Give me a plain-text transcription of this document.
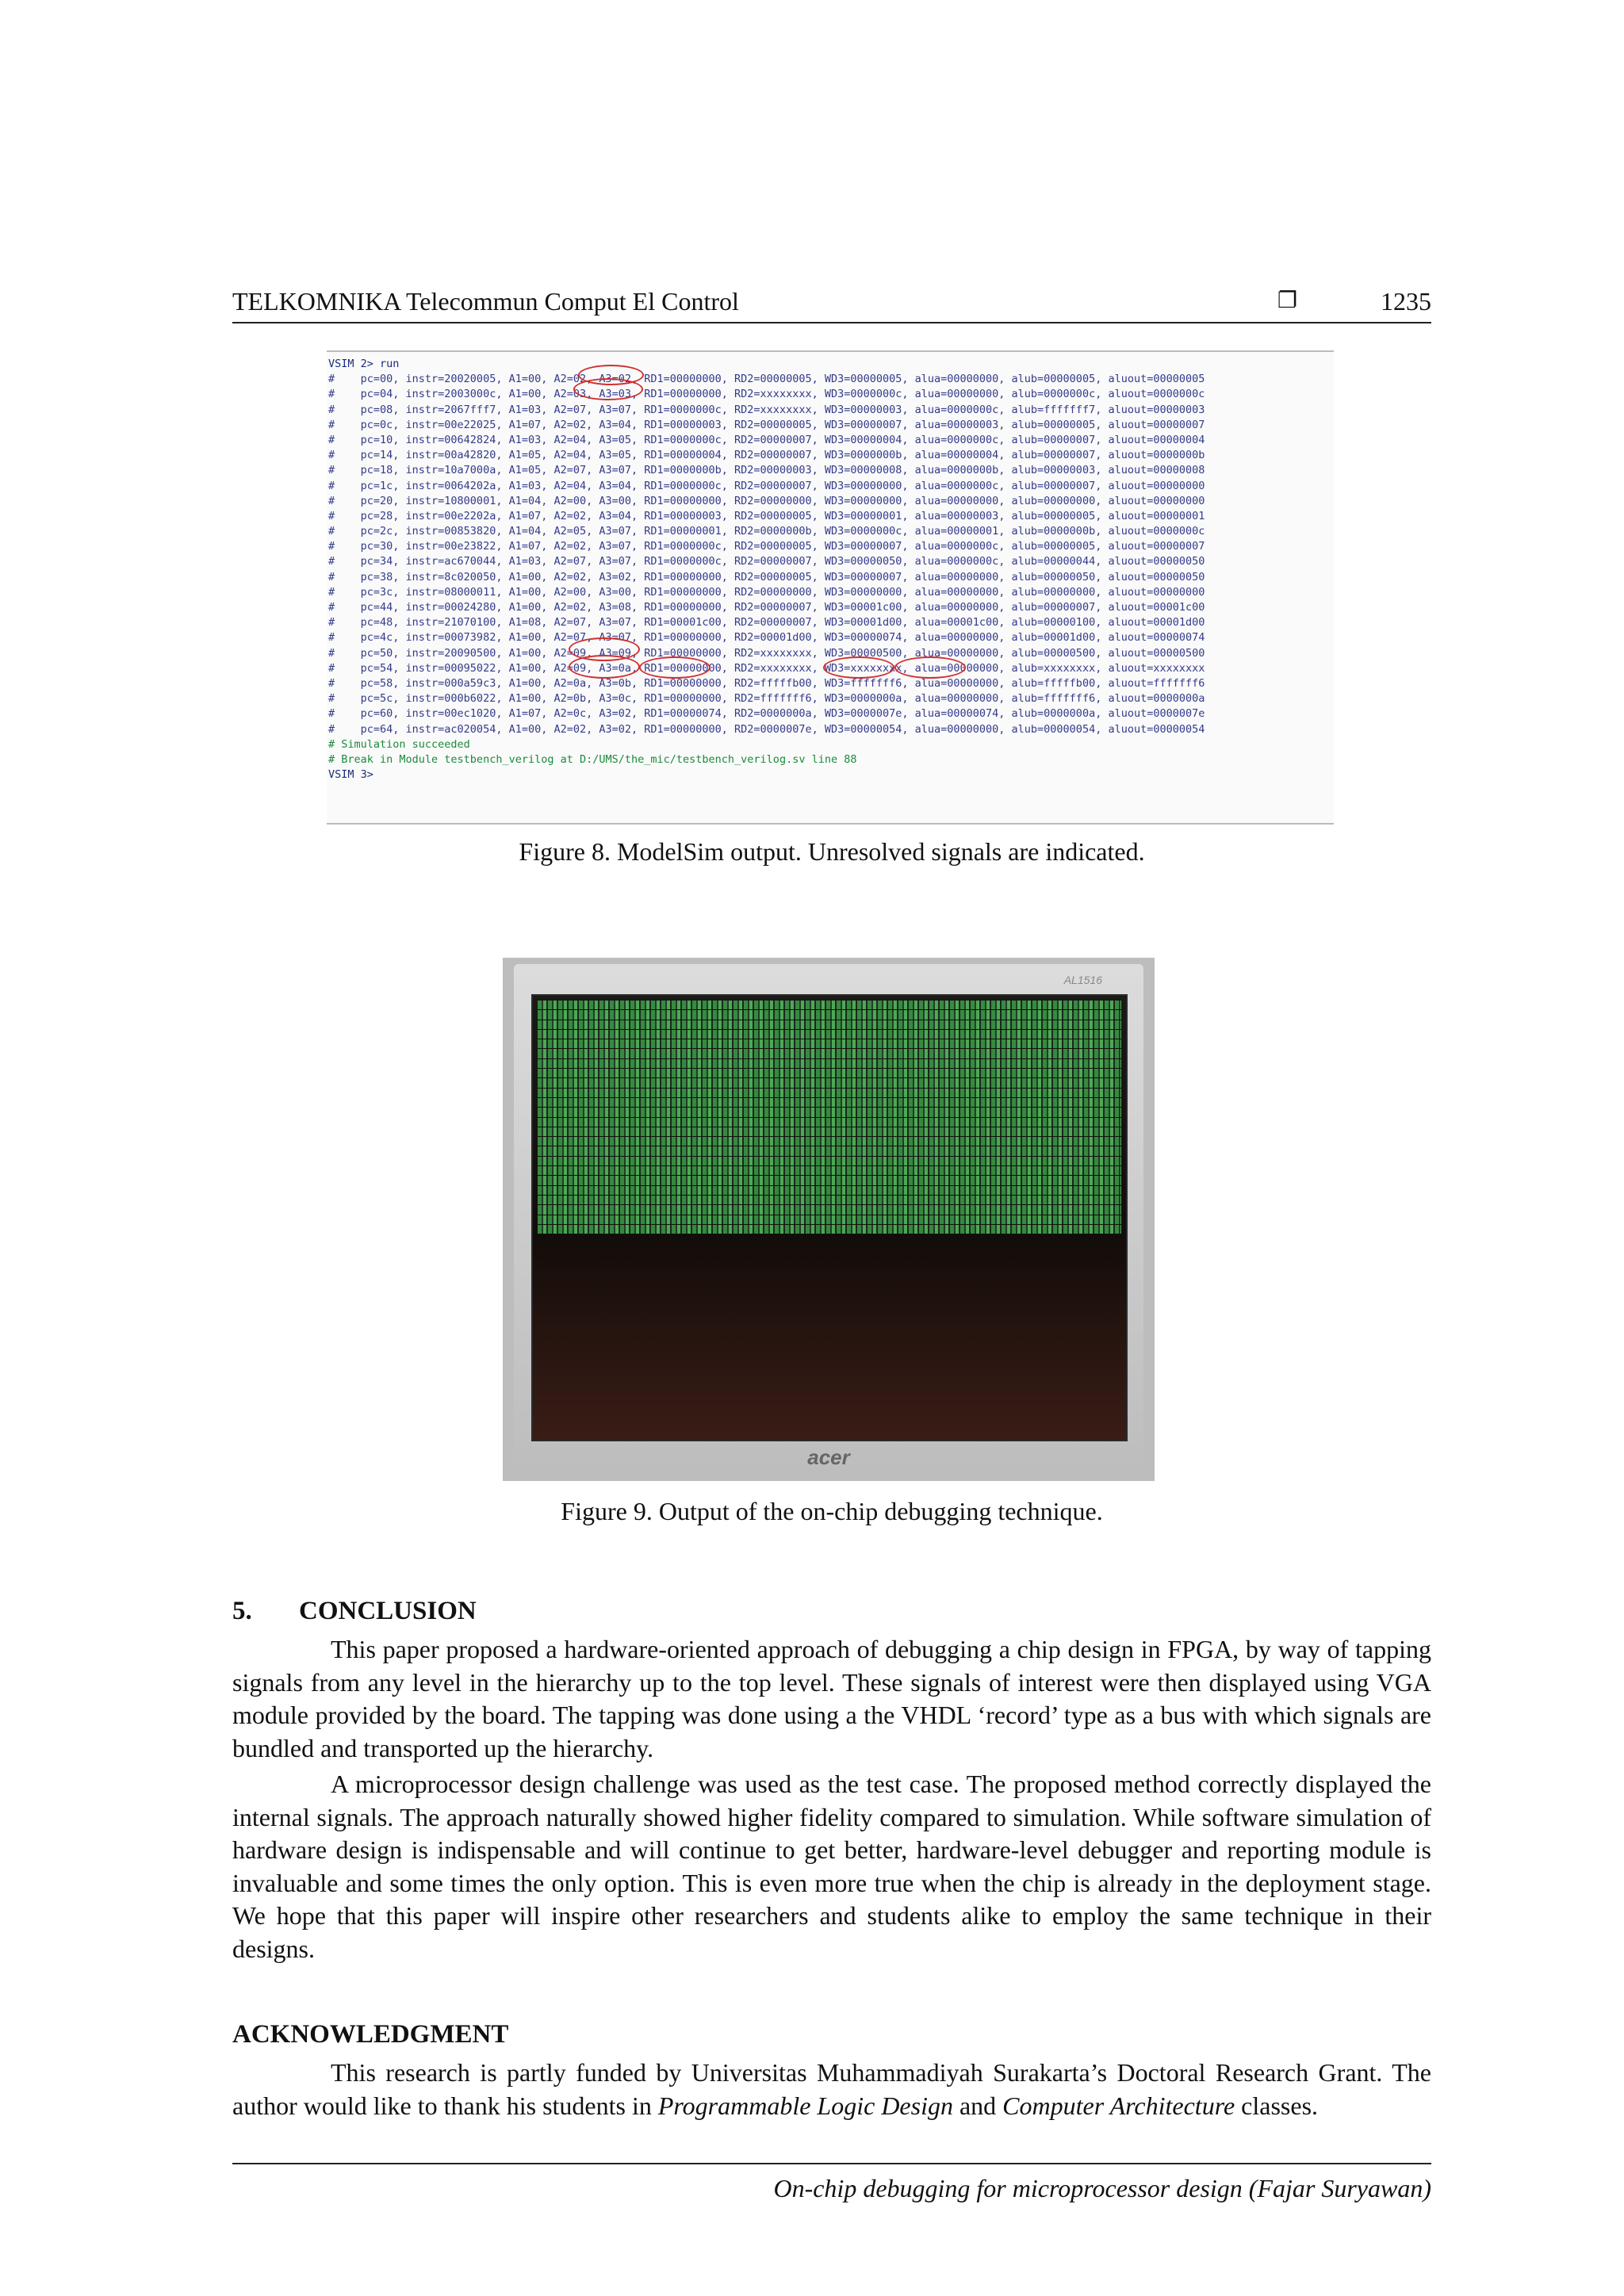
TELKOMNIKA Telecommun Comput El Control	❐	1235
VSIM 2> run
#    pc=00, instr=20020005, A1=00, A2=02, A3=02, RD1=00000000, RD2=00000005, WD3=00000005, alua=00000000, alub=00000005, aluout=00000005
#    pc=04, instr=2003000c, A1=00, A2=03, A3=03, RD1=00000000, RD2=xxxxxxxx, WD3=0000000c, alua=00000000, alub=0000000c, aluout=0000000c
#    pc=08, instr=2067fff7, A1=03, A2=07, A3=07, RD1=0000000c, RD2=xxxxxxxx, WD3=00000003, alua=0000000c, alub=fffffff7, aluout=00000003
#    pc=0c, instr=00e22025, A1=07, A2=02, A3=04, RD1=00000003, RD2=00000005, WD3=00000007, alua=00000003, alub=00000005, aluout=00000007
#    pc=10, instr=00642824, A1=03, A2=04, A3=05, RD1=0000000c, RD2=00000007, WD3=00000004, alua=0000000c, alub=00000007, aluout=00000004
#    pc=14, instr=00a42820, A1=05, A2=04, A3=05, RD1=00000004, RD2=00000007, WD3=0000000b, alua=00000004, alub=00000007, aluout=0000000b
#    pc=18, instr=10a7000a, A1=05, A2=07, A3=07, RD1=0000000b, RD2=00000003, WD3=00000008, alua=0000000b, alub=00000003, aluout=00000008
#    pc=1c, instr=0064202a, A1=03, A2=04, A3=04, RD1=0000000c, RD2=00000007, WD3=00000000, alua=0000000c, alub=00000007, aluout=00000000
#    pc=20, instr=10800001, A1=04, A2=00, A3=00, RD1=00000000, RD2=00000000, WD3=00000000, alua=00000000, alub=00000000, aluout=00000000
#    pc=28, instr=00e2202a, A1=07, A2=02, A3=04, RD1=00000003, RD2=00000005, WD3=00000001, alua=00000003, alub=00000005, aluout=00000001
#    pc=2c, instr=00853820, A1=04, A2=05, A3=07, RD1=00000001, RD2=0000000b, WD3=0000000c, alua=00000001, alub=0000000b, aluout=0000000c
#    pc=30, instr=00e23822, A1=07, A2=02, A3=07, RD1=0000000c, RD2=00000005, WD3=00000007, alua=0000000c, alub=00000005, aluout=00000007
#    pc=34, instr=ac670044, A1=03, A2=07, A3=07, RD1=0000000c, RD2=00000007, WD3=00000050, alua=0000000c, alub=00000044, aluout=00000050
#    pc=38, instr=8c020050, A1=00, A2=02, A3=02, RD1=00000000, RD2=00000005, WD3=00000007, alua=00000000, alub=00000050, aluout=00000050
#    pc=3c, instr=08000011, A1=00, A2=00, A3=00, RD1=00000000, RD2=00000000, WD3=00000000, alua=00000000, alub=00000000, aluout=00000000
#    pc=44, instr=00024280, A1=00, A2=02, A3=08, RD1=00000000, RD2=00000007, WD3=00001c00, alua=00000000, alub=00000007, aluout=00001c00
#    pc=48, instr=21070100, A1=08, A2=07, A3=07, RD1=00001c00, RD2=00000007, WD3=00001d00, alua=00001c00, alub=00000100, aluout=00001d00
#    pc=4c, instr=00073982, A1=00, A2=07, A3=07, RD1=00000000, RD2=00001d00, WD3=00000074, alua=00000000, alub=00001d00, aluout=00000074
#    pc=50, instr=20090500, A1=00, A2=09, A3=09, RD1=00000000, RD2=xxxxxxxx, WD3=00000500, alua=00000000, alub=00000500, aluout=00000500
#    pc=54, instr=00095022, A1=00, A2=09, A3=0a, RD1=00000000, RD2=xxxxxxxx, WD3=xxxxxxxx, alua=00000000, alub=xxxxxxxx, aluout=xxxxxxxx
#    pc=58, instr=000a59c3, A1=00, A2=0a, A3=0b, RD1=00000000, RD2=fffffb00, WD3=fffffff6, alua=00000000, alub=fffffb00, aluout=fffffff6
#    pc=5c, instr=000b6022, A1=00, A2=0b, A3=0c, RD1=00000000, RD2=fffffff6, WD3=0000000a, alua=00000000, alub=fffffff6, aluout=0000000a
#    pc=60, instr=00ec1020, A1=07, A2=0c, A3=02, RD1=00000074, RD2=0000000a, WD3=0000007e, alua=00000074, alub=0000000a, aluout=0000007e
#    pc=64, instr=ac020054, A1=00, A2=02, A3=02, RD1=00000000, RD2=0000007e, WD3=00000054, alua=00000000, alub=00000054, aluout=00000054
# Simulation succeeded
# Break in Module testbench_verilog at D:/UMS/the_mic/testbench_verilog.sv line 88
VSIM 3>
Figure 8. ModelSim output. Unresolved signals are indicated.
AL1516
acer
Figure 9. Output of the on-chip debugging technique.
5. CONCLUSION

This paper proposed a hardware-oriented approach of debugging a chip design in FPGA, by way of tapping signals from any level in the hierarchy up to the top level. These signals of interest were then displayed using VGA module provided by the board. The tapping was done using a the VHDL ‘record’ type as a bus with which signals are bundled and transported up the hierarchy.

A microprocessor design challenge was used as the test case. The proposed method correctly displayed the internal signals. The approach naturally showed higher fidelity compared to simulation. While software simulation of hardware design is indispensable and will continue to get better, hardware-level debugger and reporting module is invaluable and some times the only option. This is even more true when the chip is already in the deployment stage. We hope that this paper will inspire other researchers and students alike to employ the same technique in their designs.

ACKNOWLEDGMENT

This research is partly funded by Universitas Muhammadiyah Surakarta’s Doctoral Research Grant. The author would like to thank his students in Programmable Logic Design and Computer Architecture classes.

On-chip debugging for microprocessor design (Fajar Suryawan)
